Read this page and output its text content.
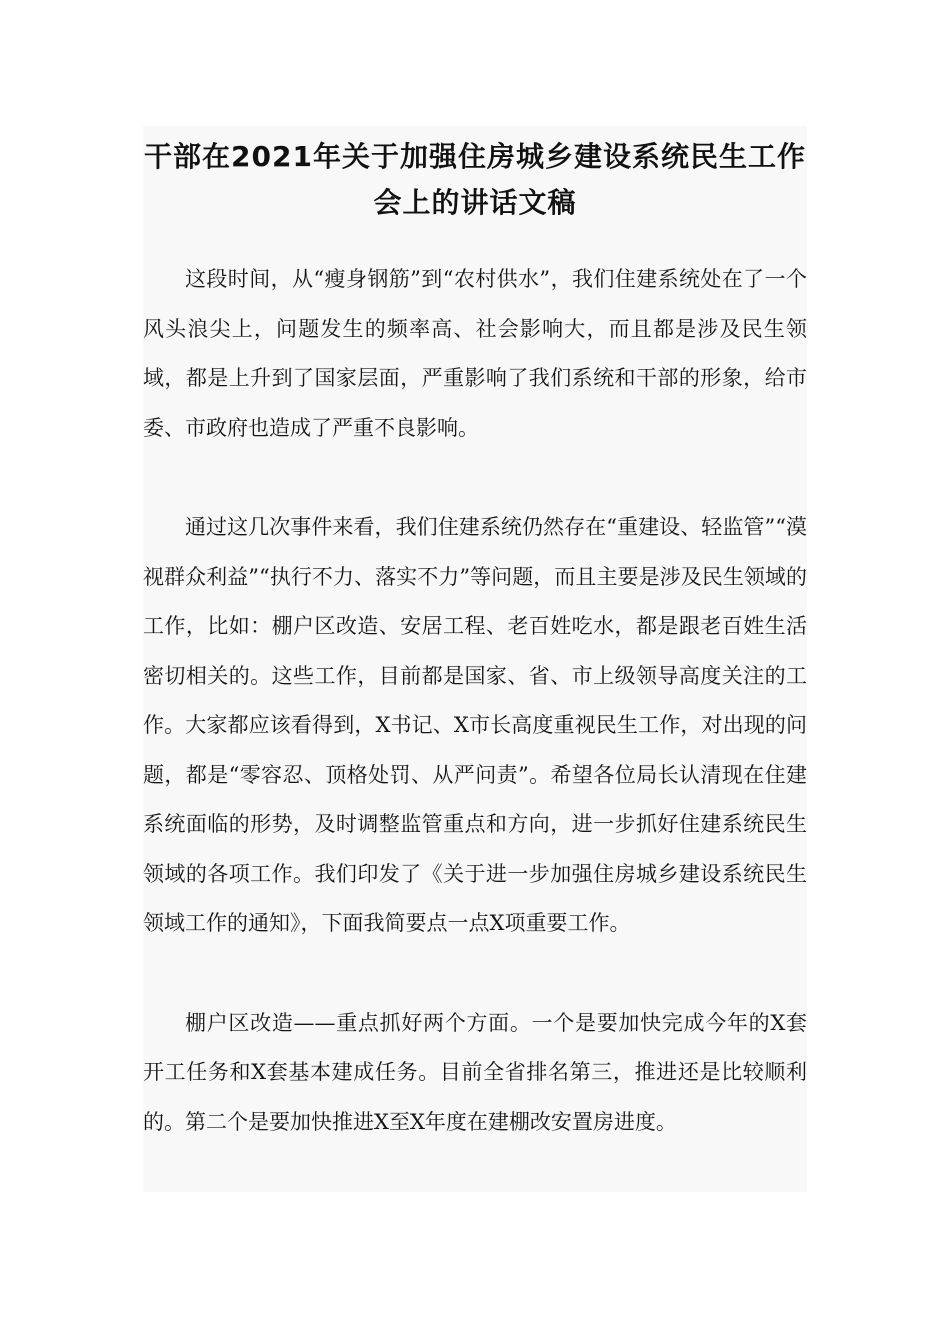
干部在2021年关于加强住房城乡建设系统民生工作
会上的讲话文稿

这段时间，从“瘦身钢筋”到“农村供水”，我们住建系统处在了一个风头浪尖上，问题发生的频率高、社会影响大，而且都是涉及民生领域，都是上升到了国家层面，严重影响了我们系统和干部的形象，给市委、市政府也造成了严重不良影响。

通过这几次事件来看，我们住建系统仍然存在“重建设、轻监管”“漠视群众利益”“执行不力、落实不力”等问题，而且主要是涉及民生领域的工作，比如：棚户区改造、安居工程、老百姓吃水，都是跟老百姓生活密切相关的。这些工作，目前都是国家、省、市上级领导高度关注的工作。大家都应该看得到，X书记、X市长高度重视民生工作，对出现的问题，都是“零容忍、顶格处罚、从严问责”。希望各位局长认清现在住建系统面临的形势，及时调整监管重点和方向，进一步抓好住建系统民生领域的各项工作。我们印发了《关于进一步加强住房城乡建设系统民生领域工作的通知》，下面我简要点一点X项重要工作。

棚户区改造——重点抓好两个方面。一个是要加快完成今年的X套开工任务和X套基本建成任务。目前全省排名第三，推进还是比较顺利的。第二个是要加快推进X至X年度在建棚改安置房进度。
